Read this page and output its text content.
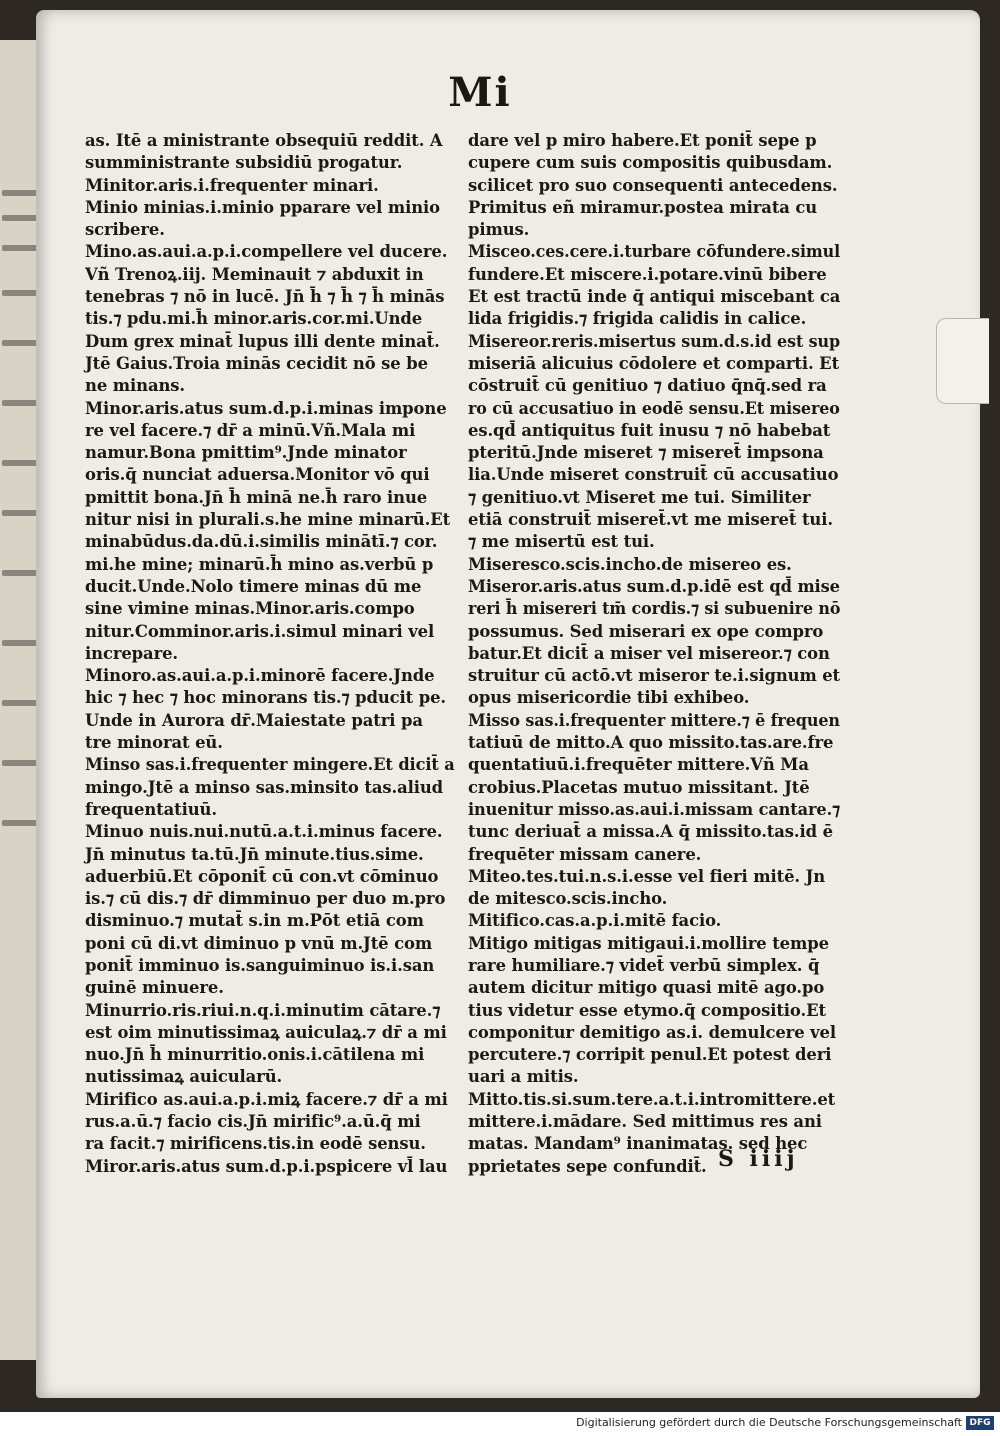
Mi
as. Itē a ministrante obsequiū reddit. A
sumministrante subsidiū progatur.
Minitor.aris.i.frequenter minari.
Minio minias.i.minio pparare vel minio
scribere.
Mino.as.aui.a.p.i.compellere vel ducere.
Vñ Trenoꝝ.iij. Meminauit ⁊ abduxit in
tenebras ⁊ nō in lucē. Jn̄ h̄ ⁊ h̄ ⁊ h̄ minās
tis.⁊ pdu.mi.h̄ minor.aris.cor.mi.Unde
Dum grex minat̄ lupus illi dente minat̄.
Jtē Gaius.Troia minās cecidit nō se be
ne minans.
Minor.aris.atus sum.d.p.i.minas impone
re vel facere.⁊ dr̄ a minū.Vñ.Mala mi
namur.Bona pmittim⁹.Jnde minator
oris.q̄ nunciat aduersa.Monitor vō qui
pmittit bona.Jn̄ h̄ minā ne.h̄ raro inue
nitur nisi in plurali.s.he mine minarū.Et
minabūdus.da.dū.i.similis minātī.⁊ cor.
mi.he mine; minarū.h̄ mino as.verbū p
ducit.Unde.Nolo timere minas dū me
sine vimine minas.Minor.aris.compo
nitur.Comminor.aris.i.simul minari vel
increpare.
Minoro.as.aui.a.p.i.minorē facere.Jnde
hic ⁊ hec ⁊ hoc minorans tis.⁊ pducit pe.
Unde in Aurora dr̄.Maiestate patri pa
tre minorat eū.
Minso sas.i.frequenter mingere.Et dicit̄ a
mingo.Jtē a minso sas.minsito tas.aliud
frequentatiuū.
Minuo nuis.nui.nutū.a.t.i.minus facere.
Jn̄ minutus ta.tū.Jn̄ minute.tius.sime.
aduerbiū.Et cōponit̄ cū con.vt cōminuo
is.⁊ cū dis.⁊ dr̄ dimminuo per duo m.pro
disminuo.⁊ mutat̄ s.in m.Pōt etiā com
poni cū di.vt diminuo p vnū m.Jtē com
ponit̄ imminuo is.sanguiminuo is.i.san
guinē minuere.
Minurrio.ris.riui.n.q.i.minutim cātare.⁊
est oim minutissimaꝝ auiculaꝝ.⁊ dr̄ a mi
nuo.Jn̄ h̄ minurritio.onis.i.cātilena mi
nutissimaꝝ auicularū.
Mirifico as.aui.a.p.i.miꝝ facere.⁊ dr̄ a mi
rus.a.ū.⁊ facio cis.Jn̄ mirific⁹.a.ū.q̄ mi
ra facit.⁊ mirificens.tis.in eodē sensu.
Miror.aris.atus sum.d.p.i.pspicere vl̄ lau
dare vel p miro habere.Et ponit̄ sepe p
cupere cum suis compositis quibusdam.
scilicet pro suo consequenti antecedens.
Primitus eñ miramur.postea mirata cu
pimus.
Misceo.ces.cere.i.turbare cōfundere.simul
fundere.Et miscere.i.potare.vinū bibere
Et est tractū inde q̄ antiqui miscebant ca
lida frigidis.⁊ frigida calidis in calice.
Misereor.reris.misertus sum.d.s.id est sup
miseriā alicuius cōdolere et comparti. Et
cōstruit̄ cū genitiuo ⁊ datiuo q̄nq̄.sed ra
ro cū accusatiuo in eodē sensu.Et misereo
es.qd̄ antiquitus fuit inusu ⁊ nō habebat
pteritū.Jnde miseret ⁊ miseret̄ impsona
lia.Unde miseret construit̄ cū accusatiuo
⁊ genitiuo.vt Miseret me tui. Similiter
etiā construit̄ miseret̄.vt me miseret̄ tui.
⁊ me misertū est tui.
Miseresco.scis.incho.de misereo es.
Miseror.aris.atus sum.d.p.idē est qd̄ mise
reri h̄ misereri tm̄ cordis.⁊ si subuenire nō
possumus. Sed miserari ex ope compro
batur.Et dicit̄ a miser vel misereor.⁊ con
struitur cū actō.vt miseror te.i.signum et
opus misericordie tibi exhibeo.
Misso sas.i.frequenter mittere.⁊ ē frequen
tatiuū de mitto.A quo missito.tas.are.fre
quentatiuū.i.frequēter mittere.Vñ Ma
crobius.Placetas mutuo missitant. Jtē
inuenitur misso.as.aui.i.missam cantare.⁊
tunc deriuat̄ a missa.A q̄ missito.tas.id ē
frequēter missam canere.
Miteo.tes.tui.n.s.i.esse vel fieri mitē. Jn
de mitesco.scis.incho.
Mitifico.cas.a.p.i.mitē facio.
Mitigo mitigas mitigaui.i.mollire tempe
rare humiliare.⁊ videt̄ verbū simplex. q̄
autem dicitur mitigo quasi mitē ago.po
tius videtur esse etymo.q̄ compositio.Et
componitur demitigo as.i. demulcere vel
percutere.⁊ corripit penul.Et potest deri
uari a mitis.
Mitto.tis.si.sum.tere.a.t.i.intromittere.et
mittere.i.mādare. Sed mittimus res ani
matas. Mandam⁹ inanimatas. sed hec
pprietates sepe confundit̄. S iiij
Digitalisierung gefördert durch die Deutsche Forschungsgemeinschaft DFG
